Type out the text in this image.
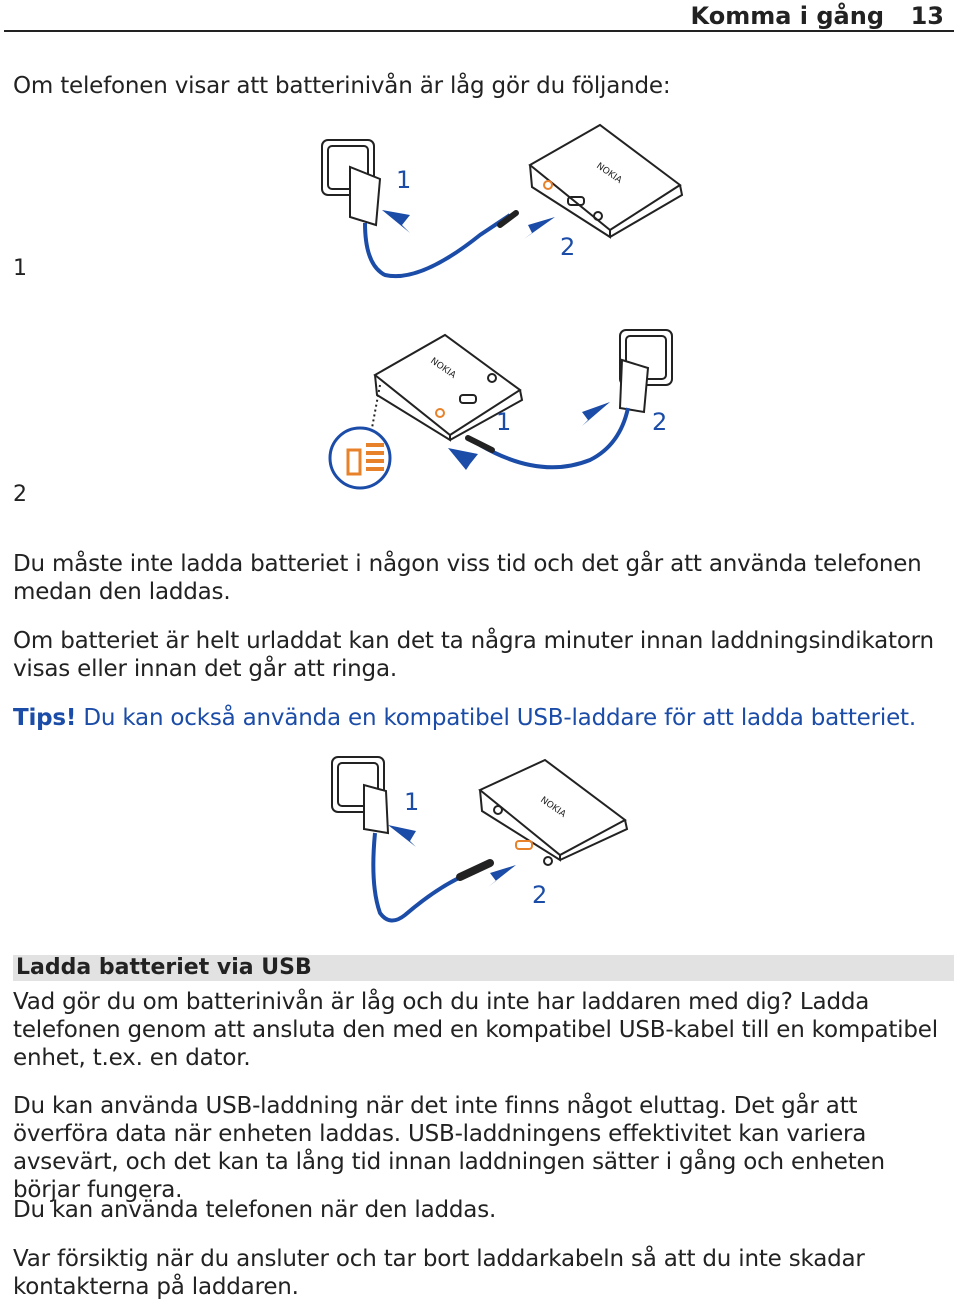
Komma i gång 13
Om telefonen visar att batterinivån är låg gör du följande:
1
2
1
2
NOKIA
1	2
NOKIA
Du måste inte ladda batteriet i någon viss tid och det går att använda telefonen medan den laddas.
Om batteriet är helt urladdat kan det ta några minuter innan laddningsindikatorn visas eller innan det går att ringa.
Tips! Du kan också använda en kompatibel USB-laddare för att ladda batteriet.
1
2
NOKIA
Ladda batteriet via USB
Vad gör du om batterinivån är låg och du inte har laddaren med dig? Ladda telefonen genom att ansluta den med en kompatibel USB-kabel till en kompatibel enhet, t.ex. en dator.
Du kan använda USB-laddning när det inte finns något eluttag. Det går att överföra data när enheten laddas. USB-laddningens effektivitet kan variera avsevärt, och det kan ta lång tid innan laddningen sätter i gång och enheten börjar fungera.
Du kan använda telefonen när den laddas.
Var försiktig när du ansluter och tar bort laddarkabeln så att du inte skadar kontakterna på laddaren.
